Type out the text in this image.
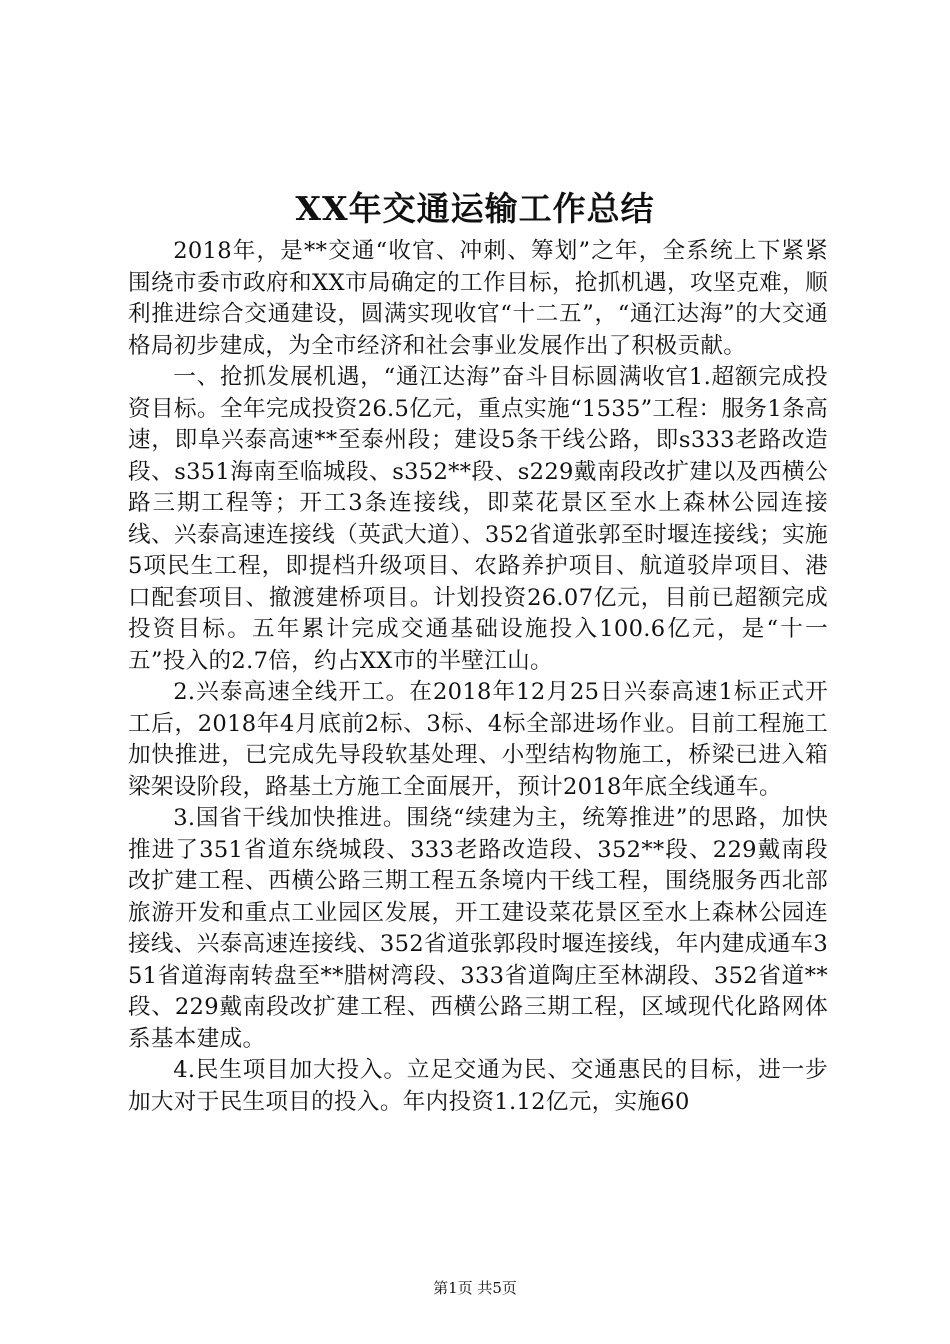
XX年交通运输工作总结

2018年，是**交通“收官、冲刺、筹划”之年，全系统上下紧紧围绕市委市政府和XX市局确定的工作目标，抢抓机遇，攻坚克难，顺利推进综合交通建设，圆满实现收官“十二五”，“通江达海”的大交通格局初步建成，为全市经济和社会事业发展作出了积极贡献。

一、抢抓发展机遇，“通江达海”奋斗目标圆满收官1.超额完成投资目标。全年完成投资26.5亿元，重点实施“1535”工程：服务1条高速，即阜兴泰高速**至泰州段；建设5条干线公路，即s333老路改造段、s351海南至临城段、s352**段、s229戴南段改扩建以及西横公路三期工程等；开工3条连接线，即菜花景区至水上森林公园连接线、兴泰高速连接线（英武大道）、352省道张郭至时堰连接线；实施5项民生工程，即提档升级项目、农路养护项目、航道驳岸项目、港口配套项目、撤渡建桥项目。计划投资26.07亿元，目前已超额完成投资目标。五年累计完成交通基础设施投入100.6亿元，是“十一五”投入的2.7倍，约占XX市的半壁江山。

2.兴泰高速全线开工。在2018年12月25日兴泰高速1标正式开工后，2018年4月底前2标、3标、4标全部进场作业。目前工程施工加快推进，已完成先导段软基处理、小型结构物施工，桥梁已进入箱梁架设阶段，路基土方施工全面展开，预计2018年底全线通车。

3.国省干线加快推进。围绕“续建为主，统筹推进”的思路，加快推进了351省道东绕城段、333老路改造段、352**段、229戴南段改扩建工程、西横公路三期工程五条境内干线工程，围绕服务西北部旅游开发和重点工业园区发展，开工建设菜花景区至水上森林公园连接线、兴泰高速连接线、352省道张郭段时堰连接线，年内建成通车351省道海南转盘至**腊树湾段、333省道陶庄至林湖段、352省道**段、229戴南段改扩建工程、西横公路三期工程，区域现代化路网体系基本建成。

4.民生项目加大投入。立足交通为民、交通惠民的目标，进一步加大对于民生项目的投入。年内投资1.12亿元，实施60

第1页 共5页
